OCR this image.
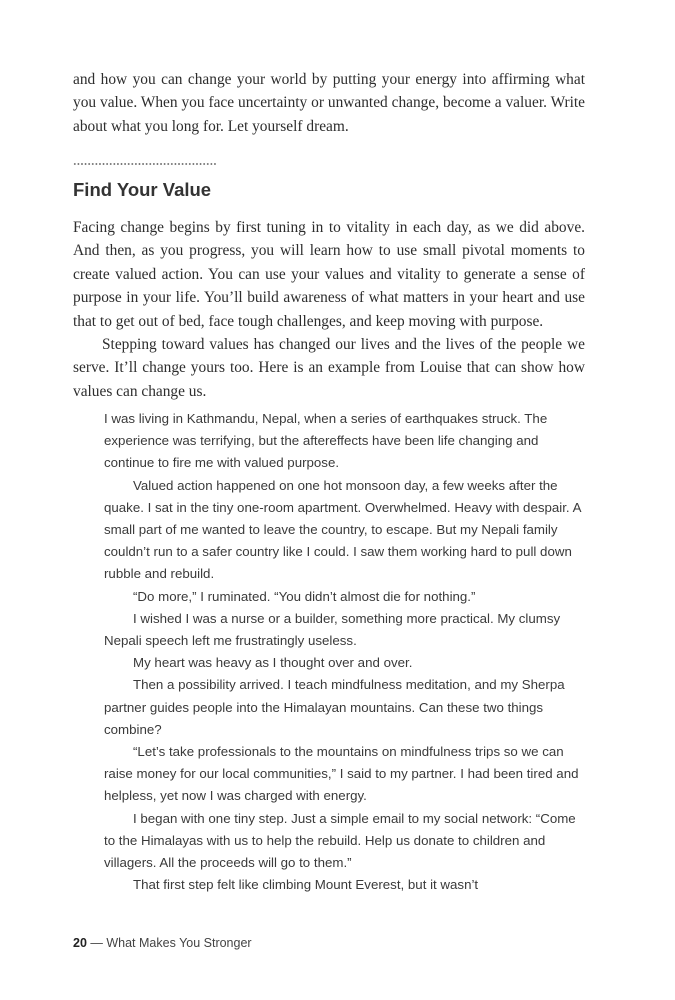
and how you can change your world by putting your energy into affirming what you value. When you face uncertainty or unwanted change, become a valuer. Write about what you long for. Let yourself dream.

Find Your Value

Facing change begins by first tuning in to vitality in each day, as we did above. And then, as you progress, you will learn how to use small pivotal moments to create valued action. You can use your values and vitality to generate a sense of purpose in your life. You’ll build awareness of what matters in your heart and use that to get out of bed, face tough challenges, and keep moving with purpose.

Stepping toward values has changed our lives and the lives of the people we serve. It’ll change yours too. Here is an example from Louise that can show how values can change us.

I was living in Kathmandu, Nepal, when a series of earthquakes struck. The experience was terrifying, but the aftereffects have been life changing and continue to fire me with valued purpose.

Valued action happened on one hot monsoon day, a few weeks after the quake. I sat in the tiny one-room apartment. Overwhelmed. Heavy with despair. A small part of me wanted to leave the country, to escape. But my Nepali family couldn’t run to a safer country like I could. I saw them working hard to pull down rubble and rebuild.

“Do more,” I ruminated. “You didn’t almost die for nothing.”

I wished I was a nurse or a builder, something more practical. My clumsy Nepali speech left me frustratingly useless.

My heart was heavy as I thought over and over.

Then a possibility arrived. I teach mindfulness meditation, and my Sherpa partner guides people into the Himalayan mountains. Can these two things combine?

“Let’s take professionals to the mountains on mindfulness trips so we can raise money for our local communities,” I said to my partner. I had been tired and helpless, yet now I was charged with energy.

I began with one tiny step. Just a simple email to my social network: “Come to the Himalayas with us to help the rebuild. Help us donate to children and villagers. All the proceeds will go to them.”

That first step felt like climbing Mount Everest, but it wasn’t

20 — What Makes You Stronger
